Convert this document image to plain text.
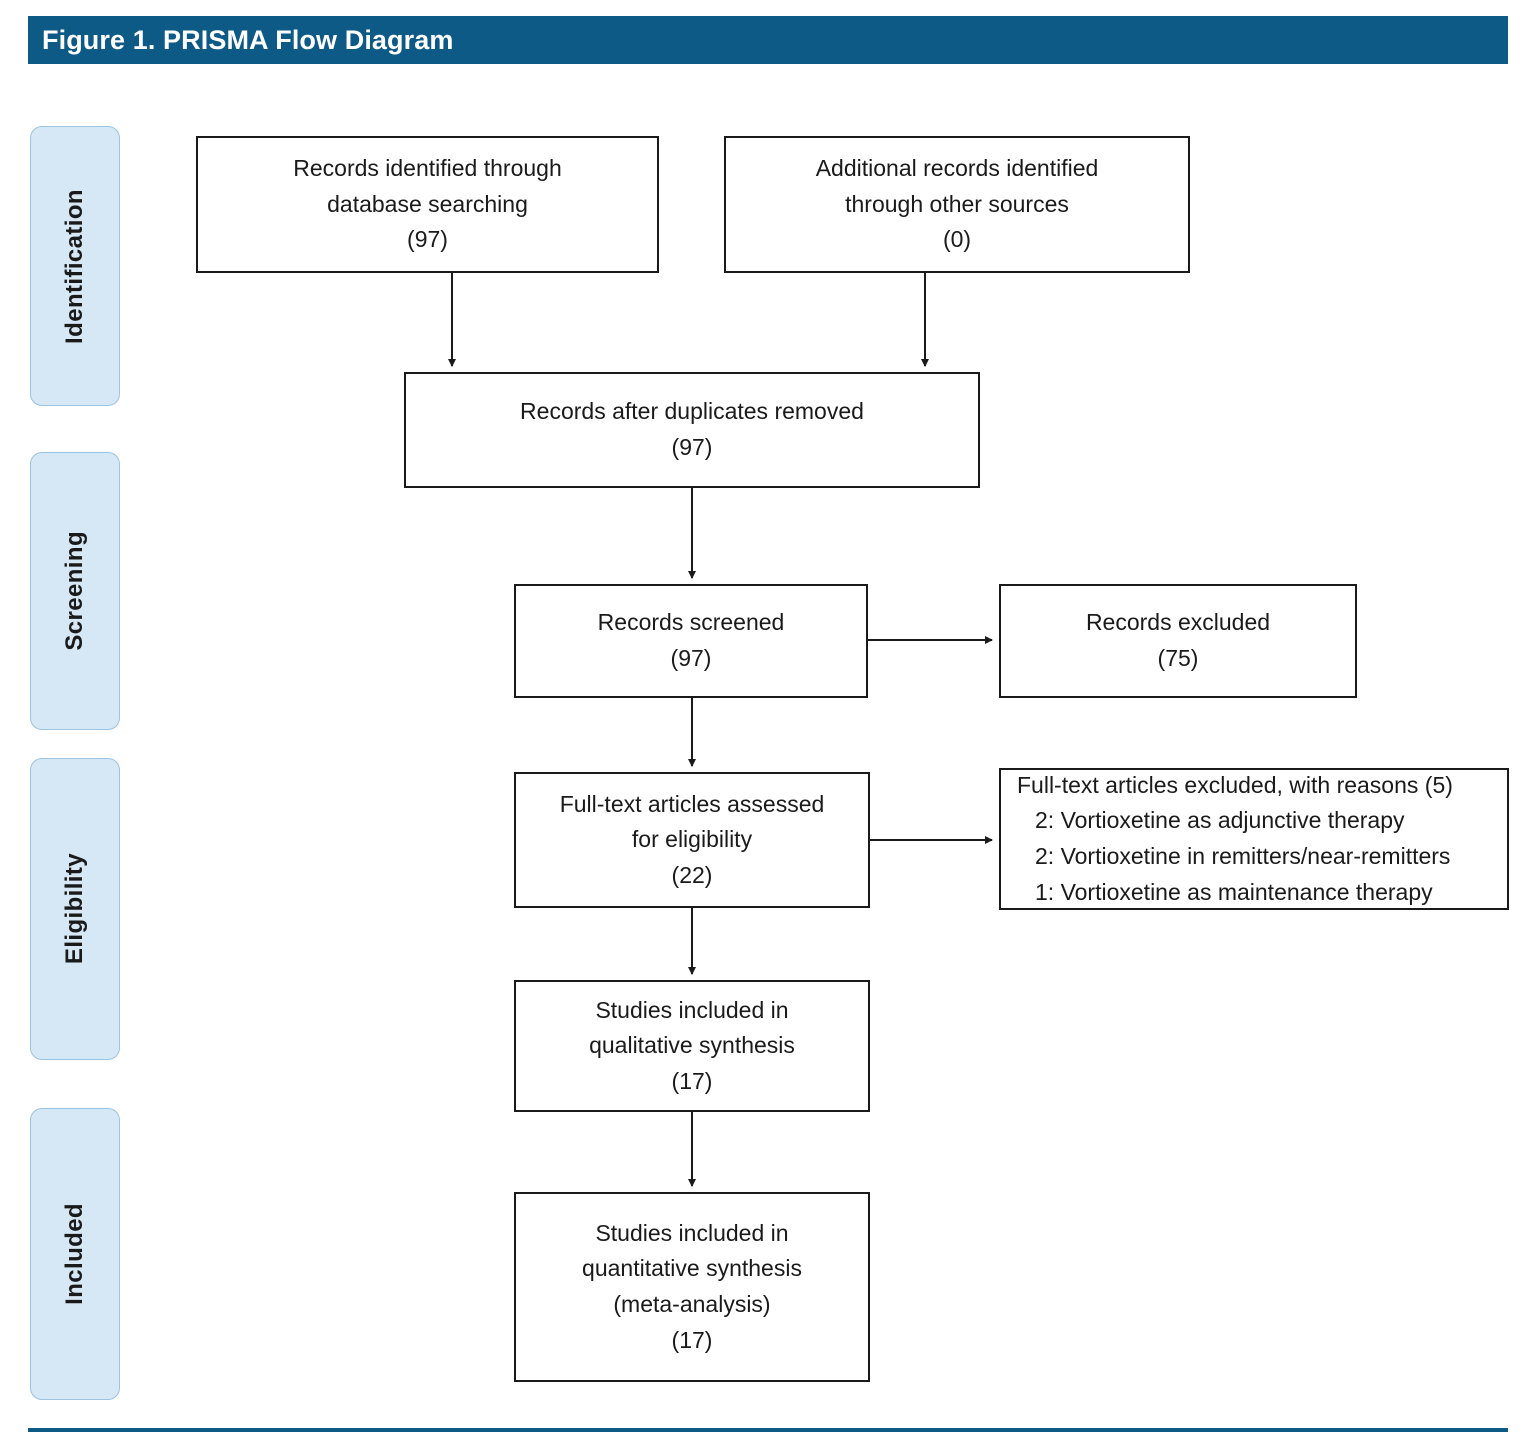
Figure 1. PRISMA Flow Diagram
Identification
Screening
Eligibility
Included
Records identified through
database searching
(97)
Additional records identified
through other sources
(0)
Records after duplicates removed
(97)
Records screened
(97)
Records excluded
(75)
Full-text articles assessed
for eligibility
(22)
Full-text articles excluded, with reasons (5)
2: Vortioxetine as adjunctive therapy
2: Vortioxetine in remitters/near-remitters
1: Vortioxetine as maintenance therapy
Studies included in
qualitative synthesis
(17)
Studies included in
quantitative synthesis
(meta-analysis)
(17)
